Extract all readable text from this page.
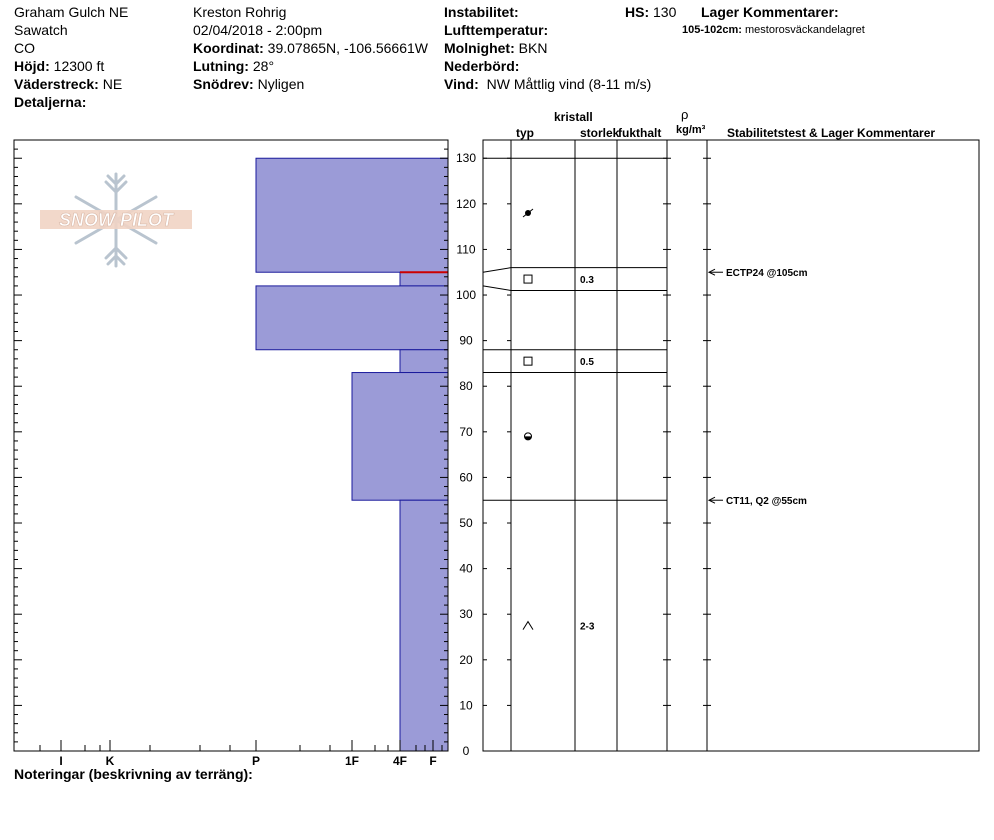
Graham Gulch NE
Sawatch
CO
Höjd: 12300 ft
Väderstreck: NE
Detaljerna:
Kreston Rohrig
02/04/2018 - 2:00pm
Koordinat: 39.07865N, -106.56661W
Lutning: 28°
Snödrev: Nyligen
Instabilitet:
Lufttemperatur:
Molnighet: BKN
Nederbörd:
Vind: NW Måttlig vind (8-11 m/s)
HS: 130 Lager Kommentarer:
105-102cm: mestorosväckandelagret
kristall
typ	storlek
fukthalt
ρ
kg/m³ Stabilitetstest & Lager Kommentarer
SNOW PILOT
0
10
20
30
40
50
60
70
80
90
100
110
120
130
I	K	P	1F	4F F
0.3
0.5
2-3
ECTP24 @105cm
CT11, Q2 @55cm
Noteringar (beskrivning av terräng):
